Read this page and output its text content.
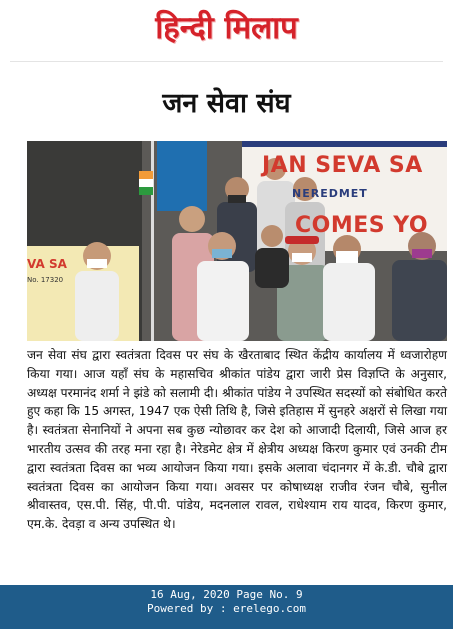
हिन्दी मिलाप
जन सेवा संघ
JAN SEVA SA
NEREDMET
COMES YO
VA SA
No. 17320
जन सेवा संघ द्वारा स्वतंत्रता दिवस पर संघ के खैरताबाद स्थित केंद्रीय कार्यालय में ध्वजारोहण किया गया। आज यहाँ संघ के महासचिव श्रीकांत पांडेय द्वारा जारी प्रेस विज्ञप्ति के अनुसार, अध्यक्ष परमानंद शर्मा ने झंडे को सलामी दी। श्रीकांत पांडेय ने उपस्थित सदस्यों को संबोधित करते हुए कहा कि 15 अगस्त, 1947 एक ऐसी तिथि है, जिसे इतिहास में सुनहरे अक्षरों से लिखा गया है। स्वतंत्रता सेनानियों ने अपना सब कुछ न्योछावर कर देश को आजादी दिलायी, जिसे आज हर भारतीय उत्सव की तरह मना रहा है। नेरेडमेट क्षेत्र में क्षेत्रीय अध्यक्ष किरण कुमार एवं उनकी टीम द्वारा स्वतंत्रता दिवस का भव्य आयोजन किया गया। इसके अलावा चंदानगर में के.डी. चौबे द्वारा स्वतंत्रता दिवस का आयोजन किया गया। अवसर पर कोषाध्यक्ष राजीव रंजन चौबे, सुनील श्रीवास्तव, एस.पी. सिंह, पी.पी. पांडेय, मदनलाल रावल, राधेश्याम राय यादव, किरण कुमार, एम.के. देवड़ा व अन्य उपस्थित थे।
16 Aug, 2020 Page No. 9
Powered by : erelego.com
